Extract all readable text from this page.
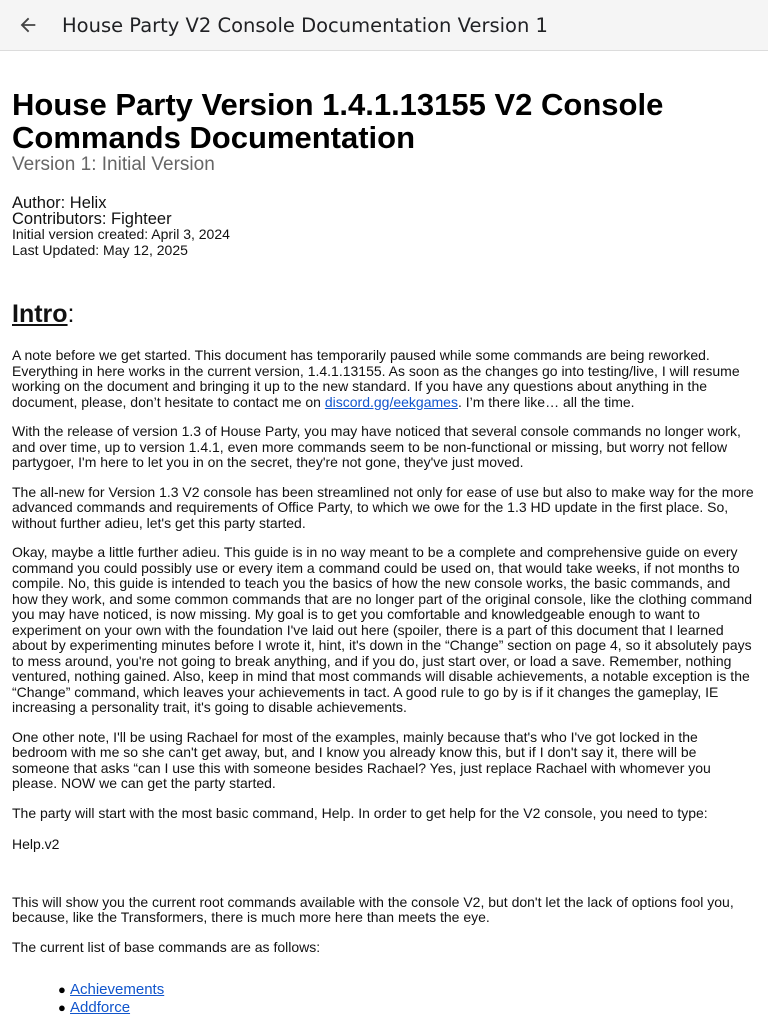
House Party V2 Console Documentation Version 1
House Party Version 1.4.1.13155 V2 Console Commands Documentation
Version 1: Initial Version
Author: Helix
Contributors: Fighteer
Initial version created: April 3, 2024
Last Updated: May 12, 2025
Intro:

A note before we get started. This document has temporarily paused while some commands are being reworked. Everything in here works in the current version, 1.4.1.13155. As soon as the changes go into testing/live, I will resume working on the document and bringing it up to the new standard. If you have any questions about anything in the document, please, don’t hesitate to contact me on discord.gg/eekgames. I’m there like… all the time.

With the release of version 1.3 of House Party, you may have noticed that several console commands no longer work, and over time, up to version 1.4.1, even more commands seem to be non-functional or missing, but worry not fellow partygoer, I'm here to let you in on the secret, they're not gone, they've just moved.

The all-new for Version 1.3 V2 console has been streamlined not only for ease of use but also to make way for the more advanced commands and requirements of Office Party, to which we owe for the 1.3 HD update in the first place. So, without further adieu, let's get this party started.

Okay, maybe a little further adieu. This guide is in no way meant to be a complete and comprehensive guide on every command you could possibly use or every item a command could be used on, that would take weeks, if not months to compile. No, this guide is intended to teach you the basics of how the new console works, the basic commands, and how they work, and some common commands that are no longer part of the original console, like the clothing command you may have noticed, is now missing. My goal is to get you comfortable and knowledgeable enough to want to experiment on your own with the foundation I've laid out here (spoiler, there is a part of this document that I learned about by experimenting minutes before I wrote it, hint, it's down in the “Change” section on page 4, so it absolutely pays to mess around, you're not going to break anything, and if you do, just start over, or load a save. Remember, nothing ventured, nothing gained. Also, keep in mind that most commands will disable achievements, a notable exception is the “Change” command, which leaves your achievements in tact. A good rule to go by is if it changes the gameplay, IE increasing a personality trait, it's going to disable achievements.

One other note, I'll be using Rachael for most of the examples, mainly because that's who I've got locked in the bedroom with me so she can't get away, but, and I know you already know this, but if I don't say it, there will be someone that asks “can I use this with someone besides Rachael? Yes, just replace Rachael with whomever you please. NOW we can get the party started.

The party will start with the most basic command, Help. In order to get help for the V2 console, you need to type:

Help.v2

This will show you the current root commands available with the console V2, but don't let the lack of options fool you, because, like the Transformers, there is much more here than meets the eye.

The current list of base commands are as follows:

● Achievements
● Addforce
